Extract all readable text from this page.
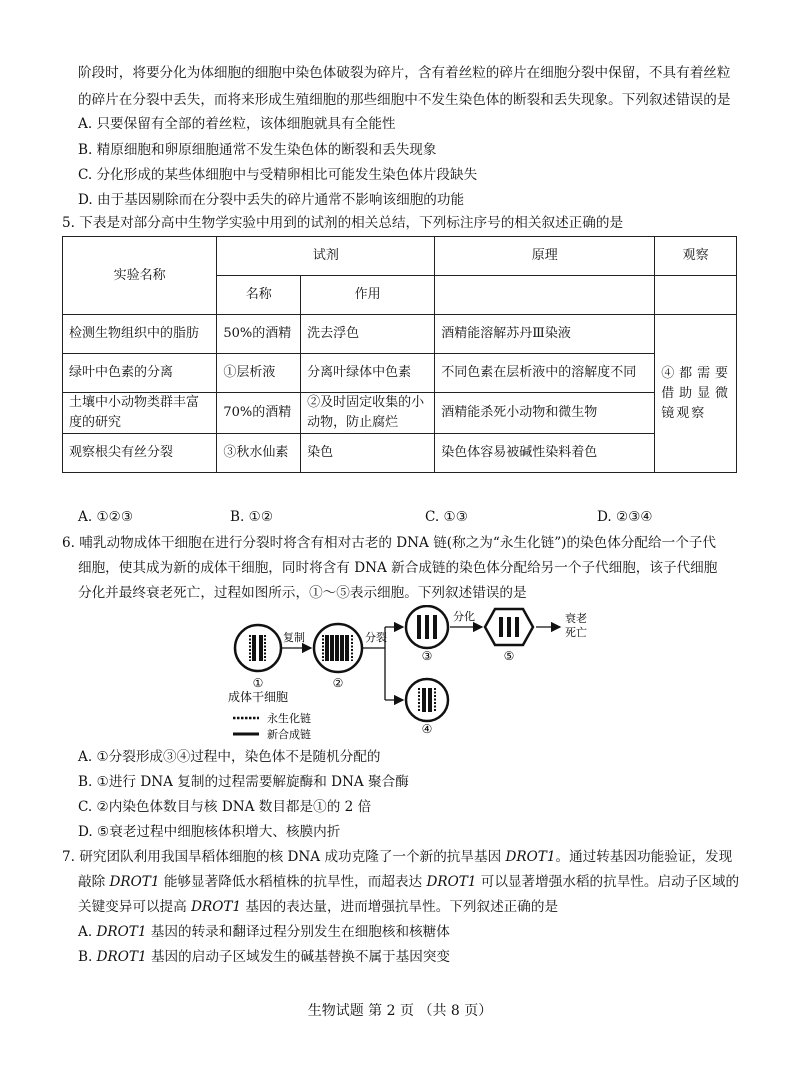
阶段时，将要分化为体细胞的细胞中染色体破裂为碎片，含有着丝粒的碎片在细胞分裂中保留，不具有着丝粒
的碎片在分裂中丢失，而将来形成生殖细胞的那些细胞中不发生染色体的断裂和丢失现象。下列叙述错误的是
A. 只要保留有全部的着丝粒，该体细胞就具有全能性
B. 精原细胞和卵原细胞通常不发生染色体的断裂和丢失现象
C. 分化形成的某些体细胞中与受精卵相比可能发生染色体片段缺失
D. 由于基因剔除而在分裂中丢失的碎片通常不影响该细胞的功能
5. 下表是对部分高中生物学实验中用到的试剂的相关总结，下列标注序号的相关叙述正确的是
实验名称	试剂		原理	观察
	名称	作用		
检测生物组织中的脂肪	50%的酒精	洗去浮色	酒精能溶解苏丹Ⅲ染液	④都需要借助显微镜观察
绿叶中色素的分离	①层析液	分离叶绿体中色素	不同色素在层析液中的溶解度不同	
土壤中小动物类群丰富度的研究	70%的酒精	②及时固定收集的小动物，防止腐烂	酒精能杀死小动物和微生物	
观察根尖有丝分裂	③秋水仙素	染色	染色体容易被碱性染料着色	
A. ①②③	B. ①②	C. ①③	D. ②③④
6. 哺乳动物成体干细胞在进行分裂时将含有相对古老的 DNA 链(称之为“永生化链”)的染色体分配给一个子代
细胞，使其成为新的成体干细胞，同时将含有 DNA 新合成链的染色体分配给另一个子代细胞，该子代细胞
分化并最终衰老死亡，过程如图所示，①～⑤表示细胞。下列叙述错误的是
①
成体干细胞
复制
②
分裂
③
④
分化
⑤
衰老
死亡
永生化链
新合成链
A. ①分裂形成③④过程中，染色体不是随机分配的
B. ①进行 DNA 复制的过程需要解旋酶和 DNA 聚合酶
C. ②内染色体数目与核 DNA 数目都是①的 2 倍
D. ⑤衰老过程中细胞核体积增大、核膜内折
7. 研究团队利用我国旱稻体细胞的核 DNA 成功克隆了一个新的抗旱基因 DROT1。通过转基因功能验证，发现
敲除 DROT1 能够显著降低水稻植株的抗旱性，而超表达 DROT1 可以显著增强水稻的抗旱性。启动子区域的
关键变异可以提高 DROT1 基因的表达量，进而增强抗旱性。下列叙述正确的是
A. DROT1 基因的转录和翻译过程分别发生在细胞核和核糖体
B. DROT1 基因的启动子区域发生的碱基替换不属于基因突变
生物试题 第 2 页 （共 8 页）
